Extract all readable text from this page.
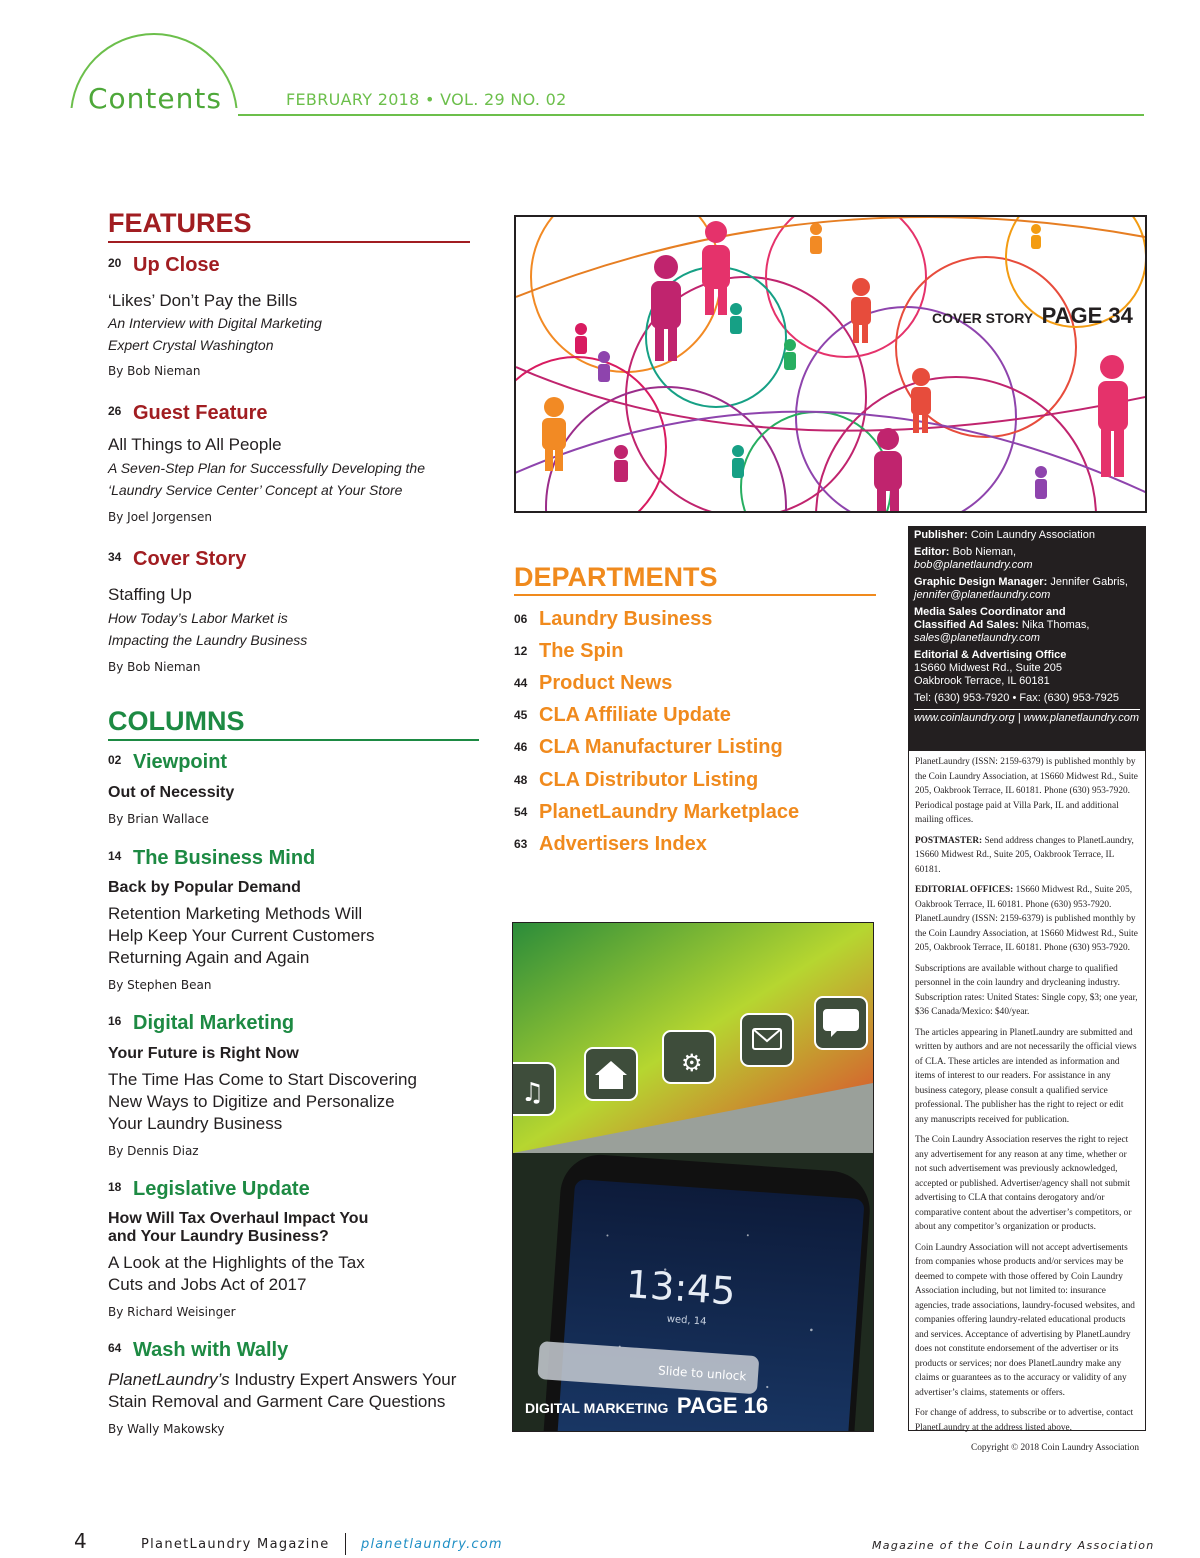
Contents	FEBRUARY 2018 • VOL. 29 NO. 02
FEATURES
20 Up Close
‘Likes’ Don’t Pay the Bills
An Interview with Digital Marketing
Expert Crystal Washington
By Bob Nieman
26 Guest Feature
All Things to All People
A Seven-Step Plan for Successfully Developing the
‘Laundry Service Center’ Concept at Your Store
By Joel Jorgensen
34 Cover Story
Staffing Up
How Today’s Labor Market is
Impacting the Laundry Business
By Bob Nieman
COLUMNS
02 Viewpoint
Out of Necessity
By Brian Wallace
14 The Business Mind
Back by Popular Demand
Retention Marketing Methods Will
Help Keep Your Current Customers
Returning Again and Again
By Stephen Bean
16 Digital Marketing
Your Future is Right Now
The Time Has Come to Start Discovering
New Ways to Digitize and Personalize
Your Laundry Business
By Dennis Diaz
18 Legislative Update
How Will Tax Overhaul Impact You
and Your Laundry Business?
A Look at the Highlights of the Tax
Cuts and Jobs Act of 2017
By Richard Weisinger
64 Wash with Wally
PlanetLaundry’s Industry Expert Answers Your
Stain Removal and Garment Care Questions
By Wally Makowsky
DEPARTMENTS
06 Laundry Business
12 The Spin
44 Product News
45 CLA Affiliate Update
46 CLA Manufacturer Listing
48 CLA Distributor Listing
54 PlanetLaundry Marketplace
63 Advertisers Index
COVER STORY PAGE 34
♫
⚙
13:45
wed, 14
Slide to unlock
DIGITAL MARKETING PAGE 16

Publisher: Coin Laundry Association

Editor: Bob Nieman,
bob@planetlaundry.com

Graphic Design Manager: Jennifer Gabris,
jennifer@planetlaundry.com

Media Sales Coordinator and
Classified Ad Sales: Nika Thomas,
sales@planetlaundry.com

Editorial & Advertising Office
1S660 Midwest Rd., Suite 205
Oakbrook Terrace, IL 60181

Tel: (630) 953-7920 • Fax: (630) 953-7925

www.coinlaundry.org | www.planetlaundry.com

PlanetLaundry (ISSN: 2159-6379) is published monthly by the Coin Laundry Association, at 1S660 Midwest Rd., Suite 205, Oakbrook Terrace, IL 60181. Phone (630) 953-7920. Periodical postage paid at Villa Park, IL and additional mailing offices.

POSTMASTER: Send address changes to PlanetLaundry, 1S660 Midwest Rd., Suite 205, Oakbrook Terrace, IL 60181.

EDITORIAL OFFICES: 1S660 Midwest Rd., Suite 205, Oakbrook Terrace, IL 60181. Phone (630) 953-7920. PlanetLaundry (ISSN: 2159-6379) is published monthly by the Coin Laundry Association, at 1S660 Midwest Rd., Suite 205, Oakbrook Terrace, IL 60181. Phone (630) 953-7920.

Subscriptions are available without charge to qualified personnel in the coin laundry and drycleaning industry. Subscription rates: United States: Single copy, $3; one year, $36 Canada/Mexico: $40/year.

The articles appearing in PlanetLaundry are submitted and written by authors and are not necessarily the official views of CLA. These articles are intended as information and items of interest to our readers. For assistance in any business category, please consult a qualified service professional. The publisher has the right to reject or edit any manuscripts received for publication.

The Coin Laundry Association reserves the right to reject any advertisement for any reason at any time, whether or not such advertisement was previously acknowledged, accepted or published. Advertiser/agency shall not submit advertising to CLA that contains derogatory and/or comparative content about the advertiser’s competitors, or about any competitor’s organization or products.

Coin Laundry Association will not accept advertisements from companies whose products and/or services may be deemed to compete with those offered by Coin Laundry Association including, but not limited to: insurance agencies, trade associations, laundry-focused websites, and companies offering laundry-related educational products and services. Acceptance of advertising by PlanetLaundry does not constitute endorsement of the advertiser or its products or services; nor does PlanetLaundry make any claims or guarantees as to the accuracy or validity of any advertiser’s claims, statements or offers.

For change of address, to subscribe or to advertise, contact PlanetLaundry at the address listed above.

Copyright © 2018 Coin Laundry Association

4	PlanetLaundry Magazine planetlaundry.com	Magazine of the Coin Laundry Association
